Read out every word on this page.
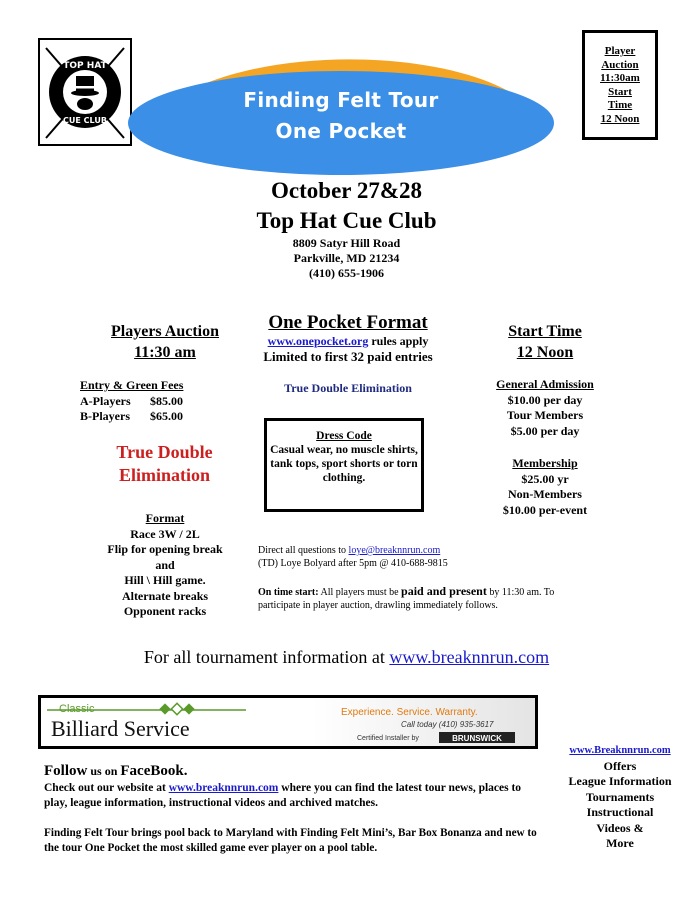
TOP HAT
CUE CLUB
Finding Felt Tour
One Pocket
Player
Auction
11:30am
Start
Time
12 Noon
October 27&28
Top Hat Cue Club
8809 Satyr Hill Road
Parkville, MD 21234
(410) 655-1906
Players Auction
11:30 am
Entry & Green Fees
A-Players $85.00
B-Players $65.00
True Double
Elimination
Format
Race 3W / 2L
Flip for opening break
and
Hill \ Hill game.
Alternate breaks
Opponent racks
One Pocket Format
www.onepocket.org rules apply
Limited to first 32 paid entries
True Double Elimination
Dress Code
Casual wear, no muscle shirts, tank tops, sport shorts or torn clothing.
Start Time
12 Noon
General Admission
$10.00 per day
Tour Members
$5.00 per day
Membership
$25.00 yr
Non-Members
$10.00 per-event
Direct all questions to loye@breaknnrun.com
(TD) Loye Bolyard after 5pm @ 410-688-9815
On time start: All players must be paid and present by 11:30 am. To participate in player auction, drawling immediately follows.
For all tournament information at www.breaknnrun.com
Classic
Billiard Service
Experience. Service. Warranty.
Call today (410) 935-3617
Certified Installer by	BRUNSWICK
Follow us on FaceBook.
Check out our website at www.breaknnrun.com where you can find the latest tour news, places to play, league information, instructional videos and archived matches.
Finding Felt Tour brings pool back to Maryland with Finding Felt Mini’s, Bar Box Bonanza and new to the tour One Pocket the most skilled game ever player on a pool table.
www.Breaknnrun.com
Offers
League Information
Tournaments
Instructional
Videos &
More
